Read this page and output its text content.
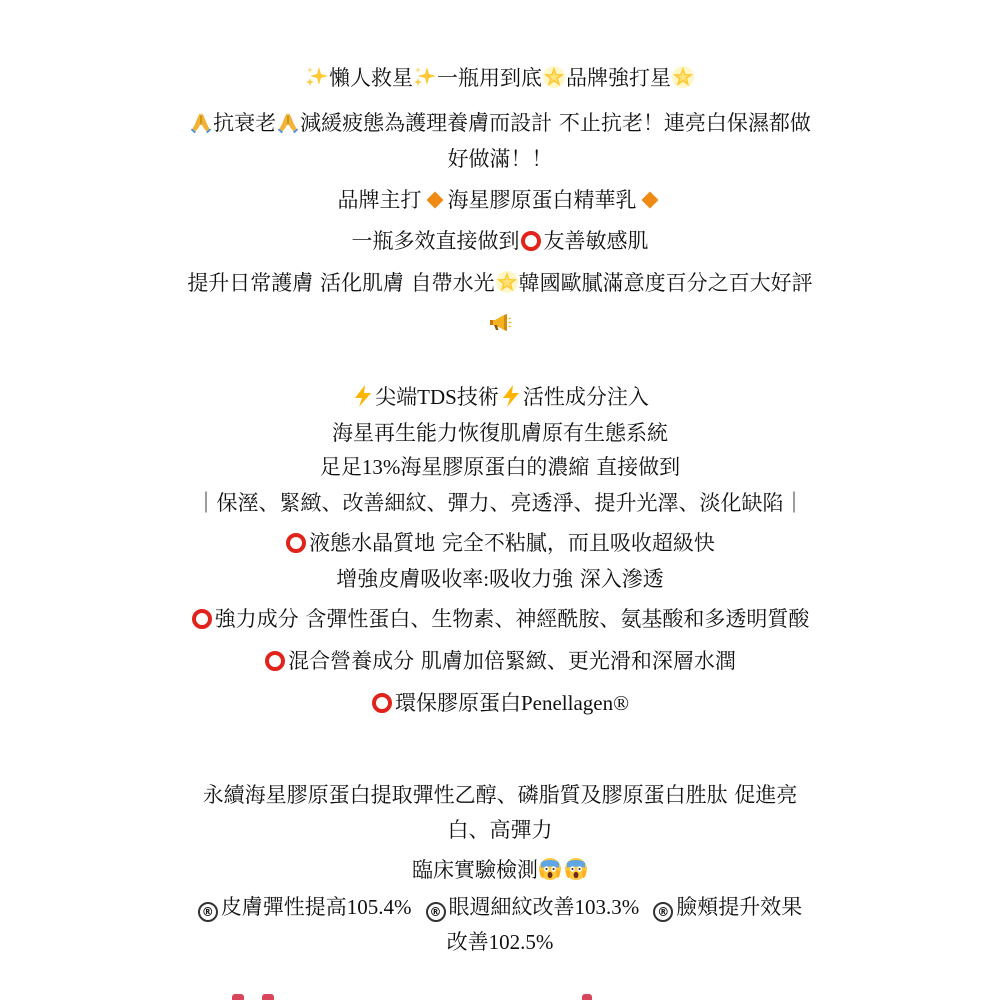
懶人救星 一瓶用到底 品牌強打星
抗衰老 減緩疲態為護理養膚而設計 不止抗老！連亮白保濕都做
好做滿！！
品牌主打 海星膠原蛋白精華乳
一瓶多效直接做到 友善敏感肌
提升日常護膚 活化肌膚 自帶水光 韓國歐膩滿意度百分之百大好評
尖端TDS技術 活性成分注入
海星再生能力恢復肌膚原有生態系統
足足13%海星膠原蛋白的濃縮 直接做到
｜保溼、緊緻、改善細紋、彈力、亮透淨、提升光澤、淡化缺陷｜
液態水晶質地 完全不粘膩，而且吸收超級快
增強皮膚吸收率:吸收力強 深入滲透
強力成分 含彈性蛋白、生物素、神經酰胺、氨基酸和多透明質酸
混合營養成分 肌膚加倍緊緻、更光滑和深層水潤
環保膠原蛋白Penellagen®
永續海星膠原蛋白提取彈性乙醇、磷脂質及膠原蛋白胜肽 促進亮
白、高彈力
臨床實驗檢測
® 皮膚彈性提高105.4% ® 眼週細紋改善103.3% ® 臉頰提升效果
改善102.5%
